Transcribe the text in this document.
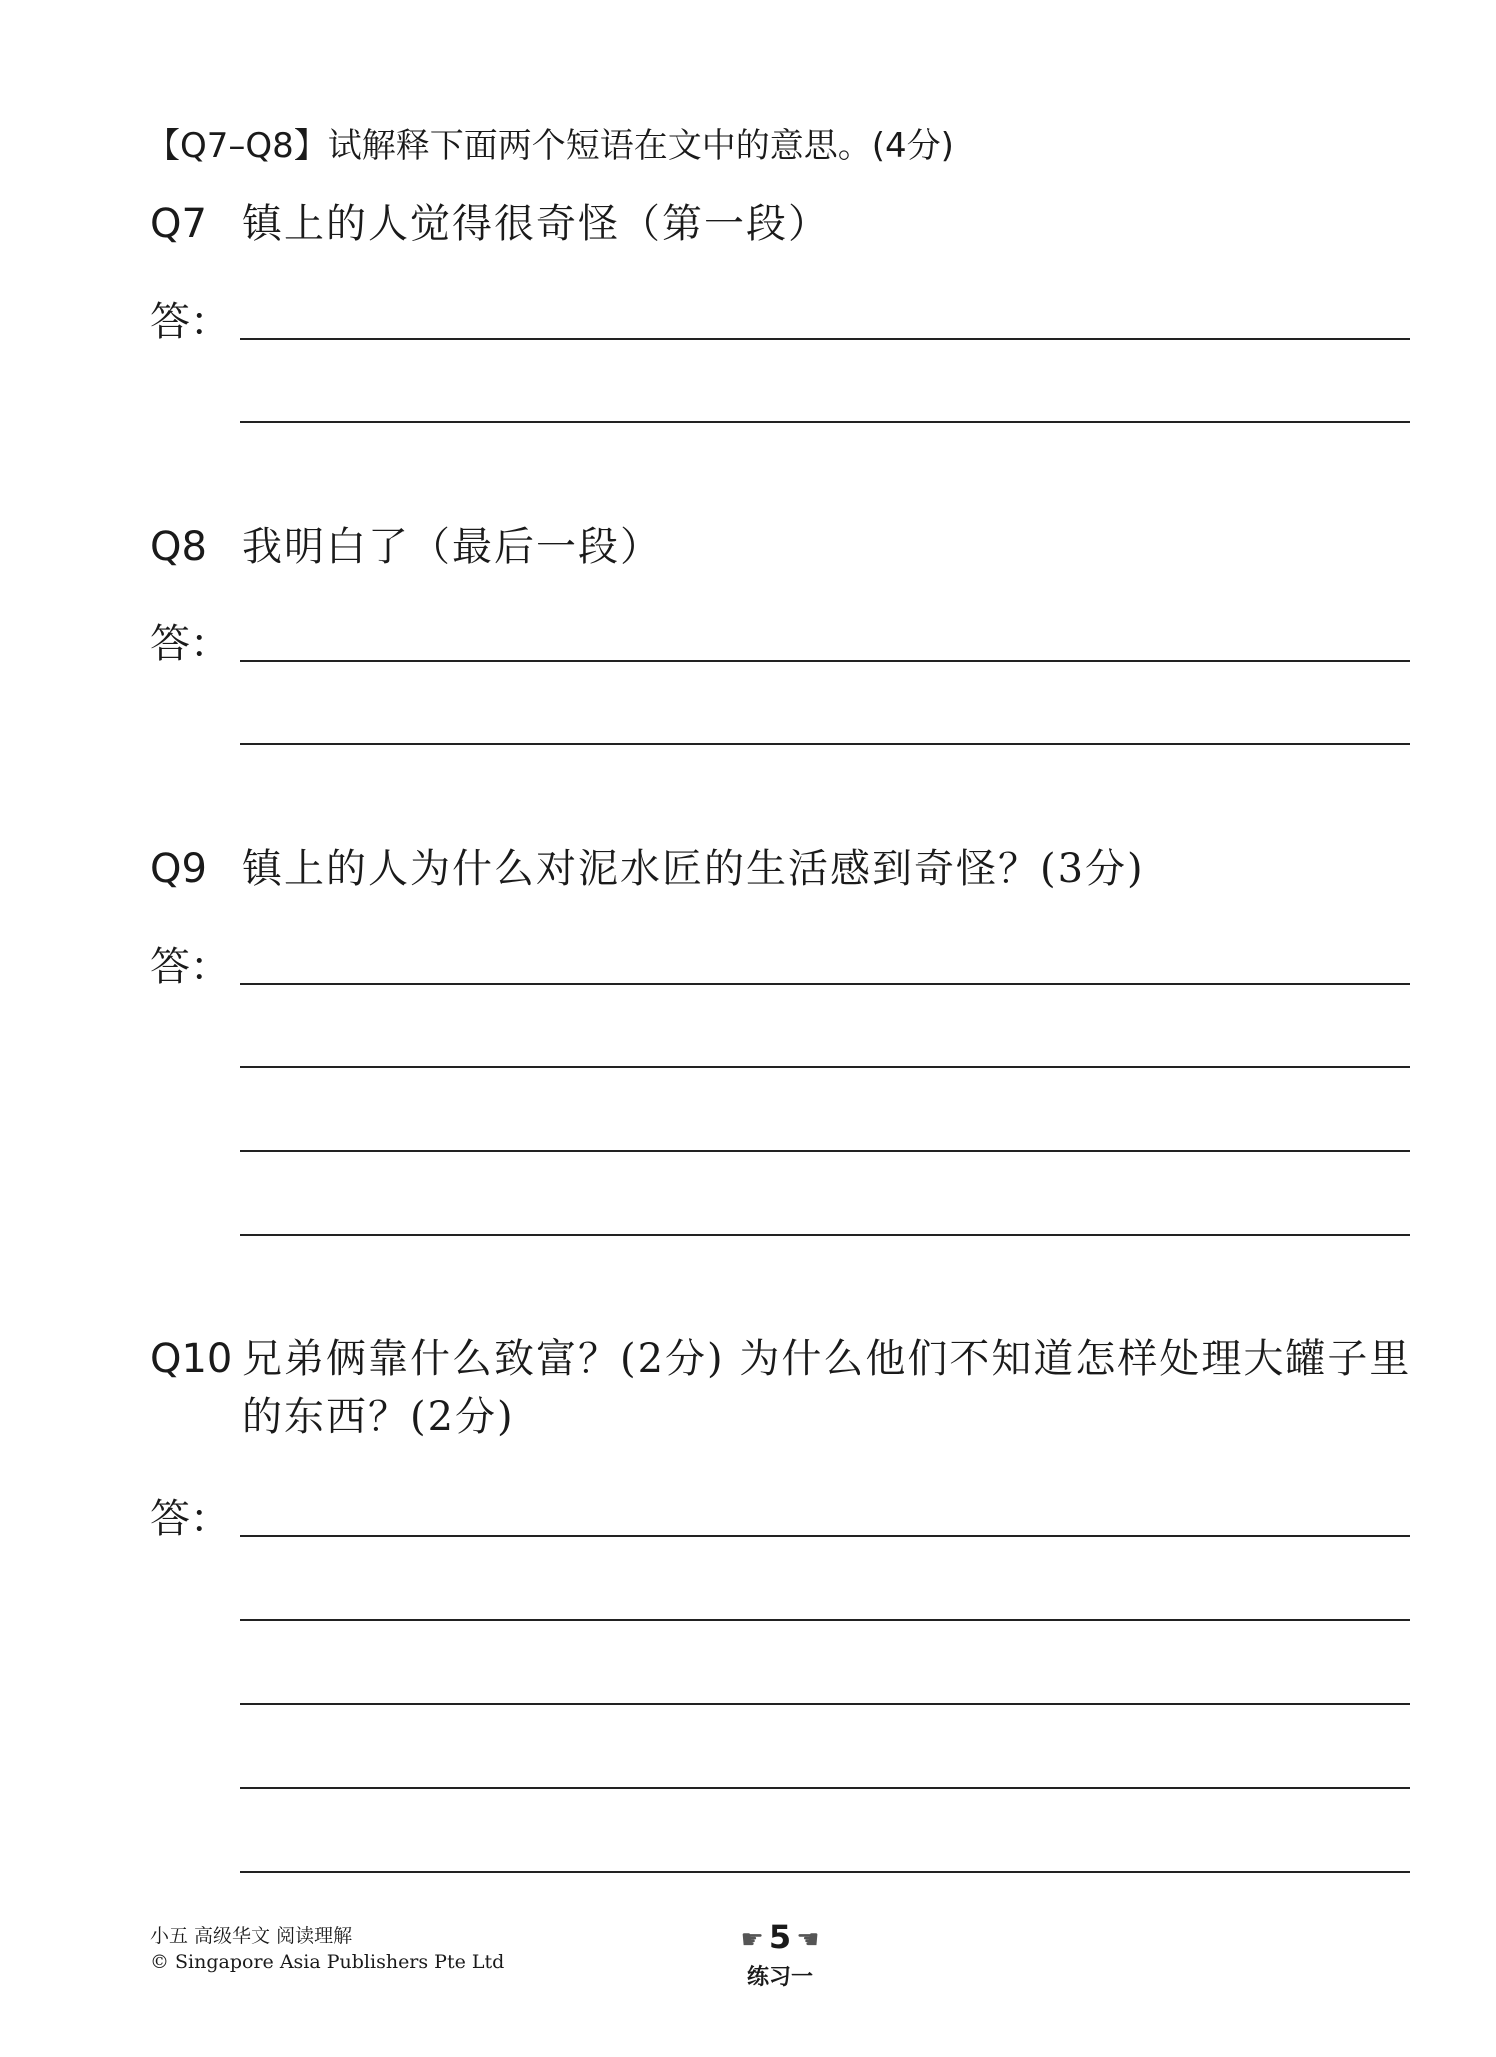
【Q7–Q8】试解释下面两个短语在文中的意思。(4分)
Q7 镇上的人觉得很奇怪（第一段）
答：
Q8 我明白了（最后一段）
答：
Q9 镇上的人为什么对泥水匠的生活感到奇怪？(3分)
答：
Q10 兄弟俩靠什么致富？(2分) 为什么他们不知道怎样处理大罐子里
的东西？(2分)
答：
小五 高级华文 阅读理解
© Singapore Asia Publishers Pte Ltd
☛ 5 ☚
练习一
